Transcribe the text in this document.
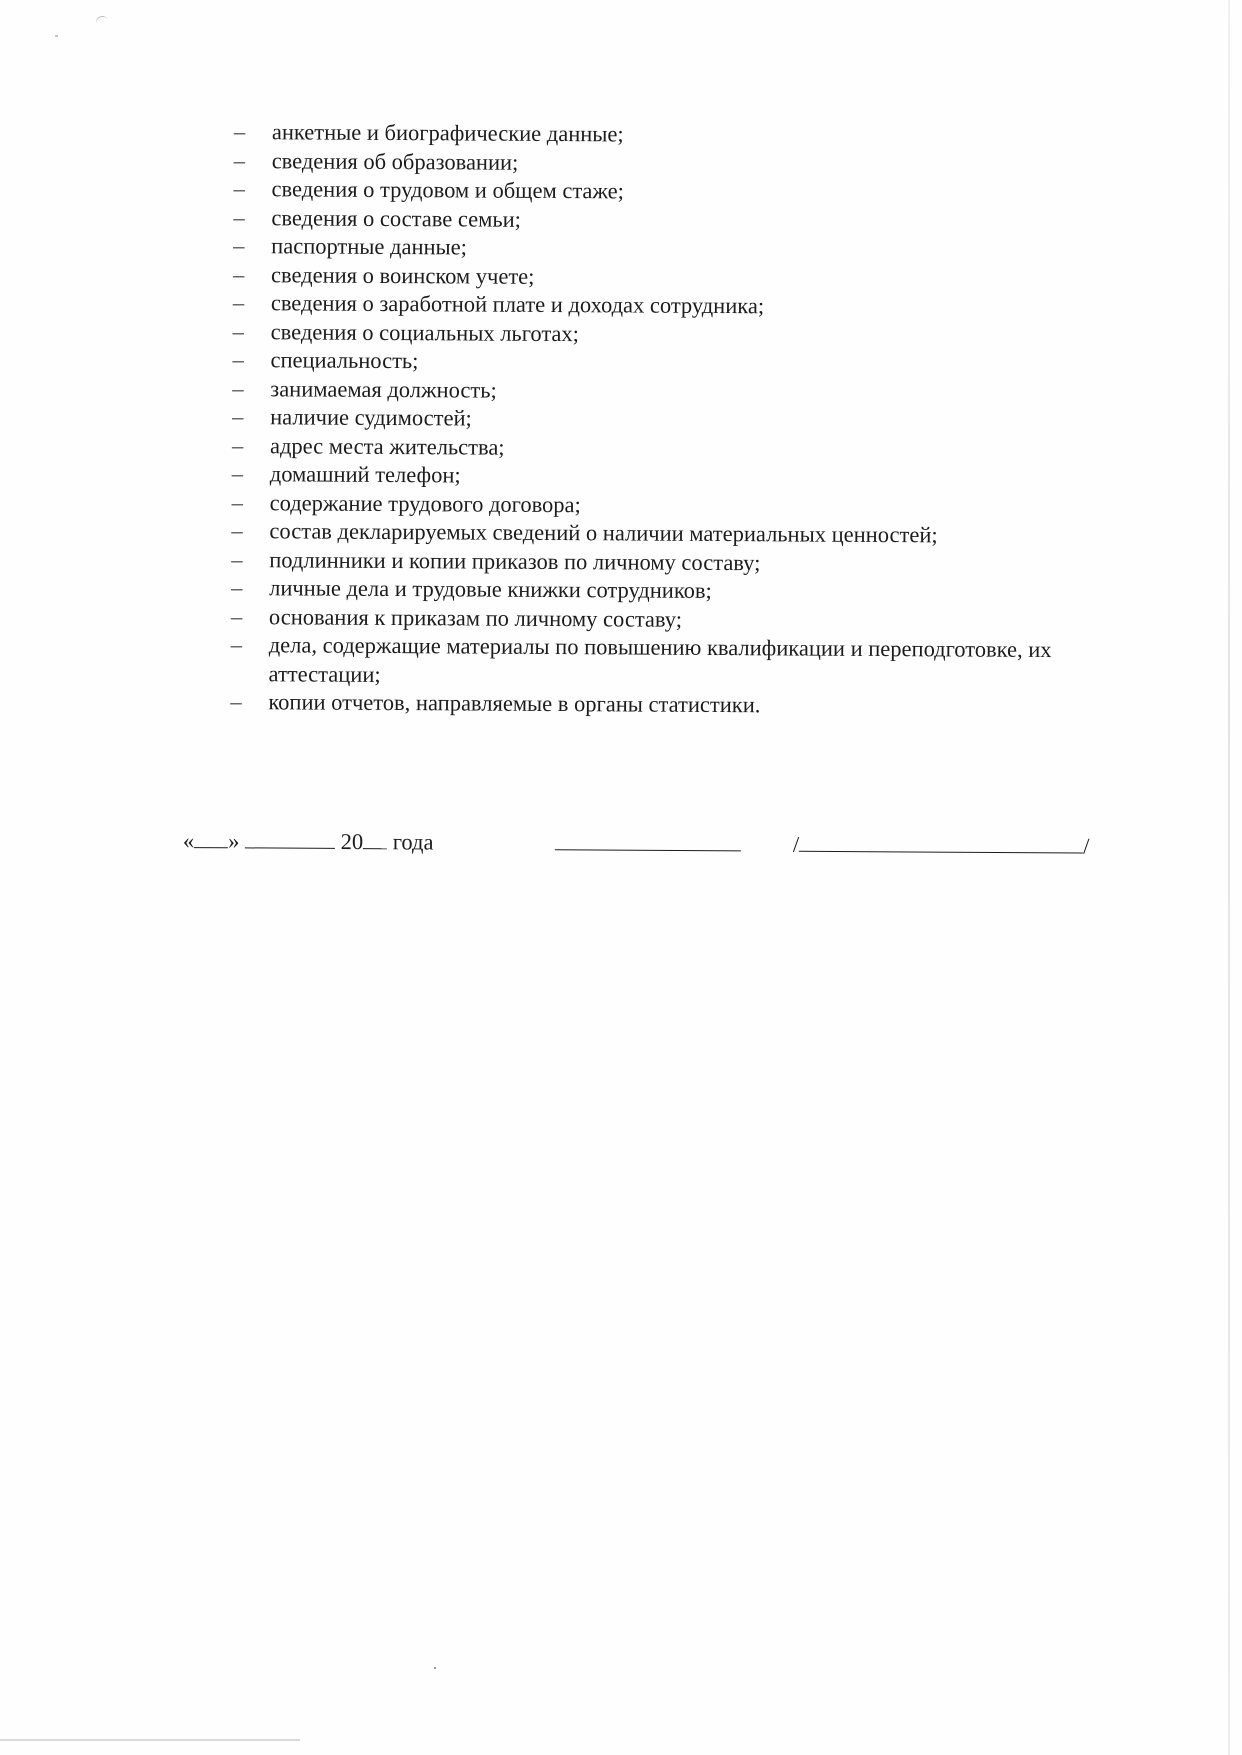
– анкетные и биографические данные;
– сведения об образовании;
– сведения о трудовом и общем стаже;
– сведения о составе семьи;
– паспортные данные;
– сведения о воинском учете;
– сведения о заработной плате и доходах сотрудника;
– сведения о социальных льготах;
– специальность;
– занимаемая должность;
– наличие судимостей;
– адрес места жительства;
– домашний телефон;
– содержание трудового договора;
– состав декларируемых сведений о наличии материальных ценностей;
– подлинники и копии приказов по личному составу;
– личные дела и трудовые книжки сотрудников;
– основания к приказам по личному составу;
– дела, содержащие материалы по повышению квалификации и переподготовке, их аттестации;
– копии отчетов, направляемые в органы статистики.
« »	20 года	/	/
